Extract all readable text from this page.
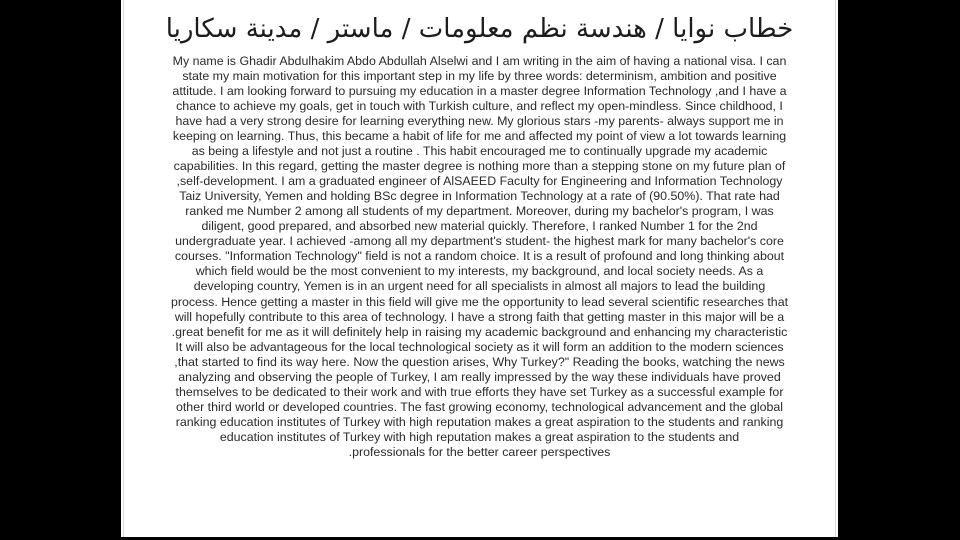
خطاب نوايا / هندسة نظم معلومات / ماستر / مدينة سكاريا
My name is Ghadir Abdulhakim Abdo Abdullah Alselwi and I am writing in the aim of having a national visa. I can
state my main motivation for this important step in my life by three words: determinism, ambition and positive
attitude. I am looking forward to pursuing my education in a master degree Information Technology ,and I have a
chance to achieve my goals, get in touch with Turkish culture, and reflect my open-mindless. Since childhood, I
have had a very strong desire for learning everything new. My glorious stars -my parents- always support me in
keeping on learning. Thus, this became a habit of life for me and affected my point of view a lot towards learning
as being a lifestyle and not just a routine . This habit encouraged me to continually upgrade my academic
capabilities. In this regard, getting the master degree is nothing more than a stepping stone on my future plan of
,self-development. I am a graduated engineer of AlSAEED Faculty for Engineering and Information Technology
Taiz University, Yemen and holding BSc degree in Information Technology at a rate of (90.50%). That rate had
ranked me Number 2 among all students of my department. Moreover, during my bachelor's program, I was
diligent, good prepared, and absorbed new material quickly. Therefore, I ranked Number 1 for the 2nd
undergraduate year. I achieved -among all my department's student- the highest mark for many bachelor's core
courses. "Information Technology" field is not a random choice. It is a result of profound and long thinking about
which field would be the most convenient to my interests, my background, and local society needs. As a
developing country, Yemen is in an urgent need for all specialists in almost all majors to lead the building
process. Hence getting a master in this field will give me the opportunity to lead several scientific researches that
will hopefully contribute to this area of technology. I have a strong faith that getting master in this major will be a
.great benefit for me as it will definitely help in raising my academic background and enhancing my characteristic
It will also be advantageous for the local technological society as it will form an addition to the modern sciences
,that started to find its way here. Now the question arises, Why Turkey?" Reading the books, watching the news
analyzing and observing the people of Turkey, I am really impressed by the way these individuals have proved
themselves to be dedicated to their work and with true efforts they have set Turkey as a successful example for
other third world or developed countries. The fast growing economy, technological advancement and the global
ranking education institutes of Turkey with high reputation makes a great aspiration to the students and ranking
education institutes of Turkey with high reputation makes a great aspiration to the students and
.professionals for the better career perspectives
